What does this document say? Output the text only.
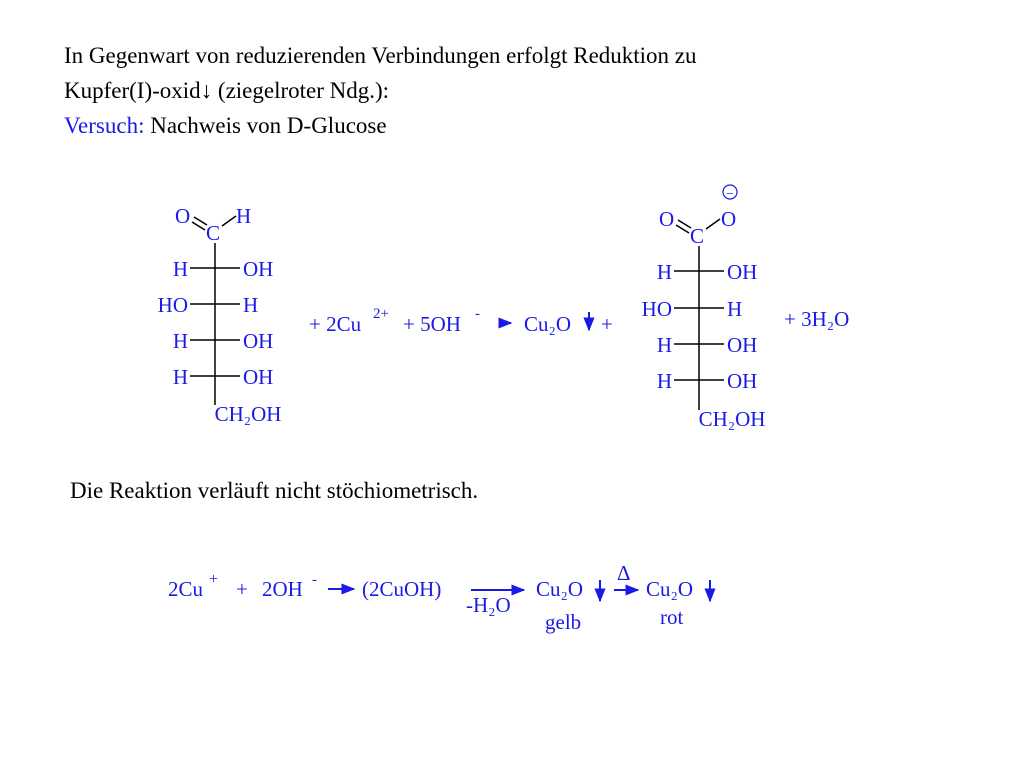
In Gegenwart von reduzierenden Verbindungen erfolgt Reduktion zu
Kupfer(I)-oxid↓ (ziegelroter Ndg.):
Versuch: Nachweis von D-Glucose
O H
C
H	OH
HO	H
H	OH
H	OH
CH₂OH
+ 2Cu 2+ + 5OH - Cu₂O +	+ 3H₂O
−
O O
C
H	OH
HO	H
H	OH
H	OH
CH₂OH
2Cu + + 2OH - (2CuOH)
-H₂O
Cu₂O
gelb
Δ
Cu₂O
rot
Die Reaktion verläuft nicht stöchiometrisch.
